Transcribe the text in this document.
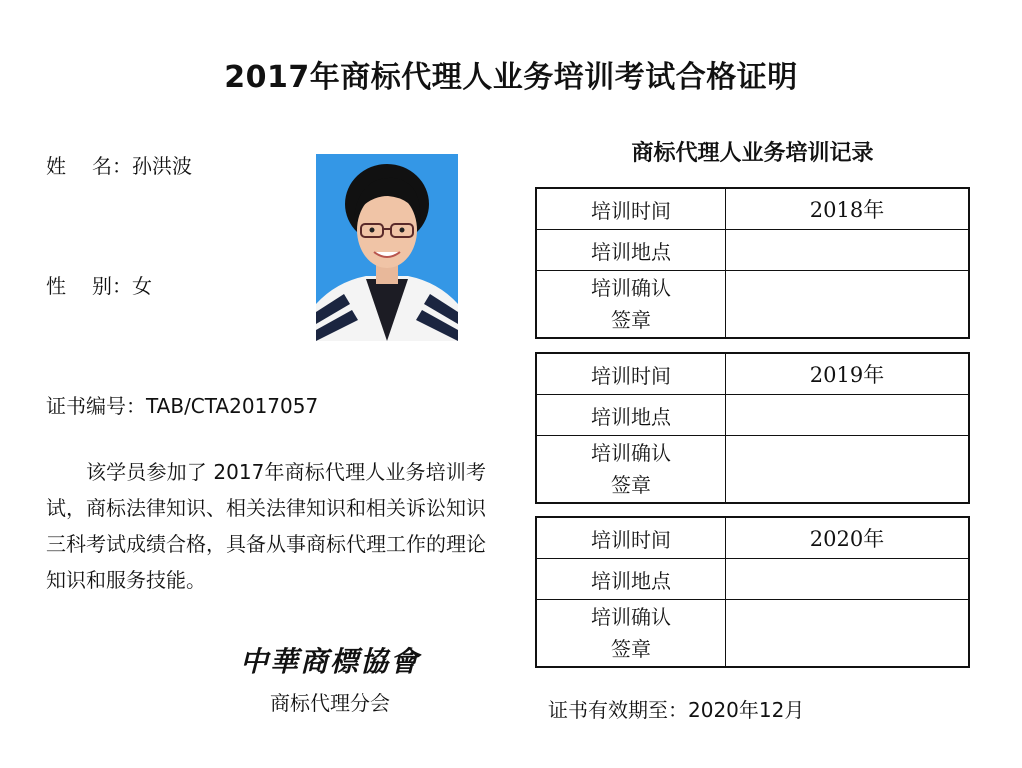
2017年商标代理人业务培训考试合格证明
姓名：孙洪波
性别：女
证书编号：TAB/CTA2017057

该学员参加了 2017年商标代理人业务培训考试，商标法律知识、相关法律知识和相关诉讼知识三科考试成绩合格，具备从事商标代理工作的理论知识和服务技能。

中華商標協會
商标代理分会
商标代理人业务培训记录
培训时间	2018年
培训地点	
培训确认
签章	
培训时间	2019年
培训地点	
培训确认
签章	
培训时间	2020年
培训地点	
培训确认
签章	
证书有效期至：2020年12月
